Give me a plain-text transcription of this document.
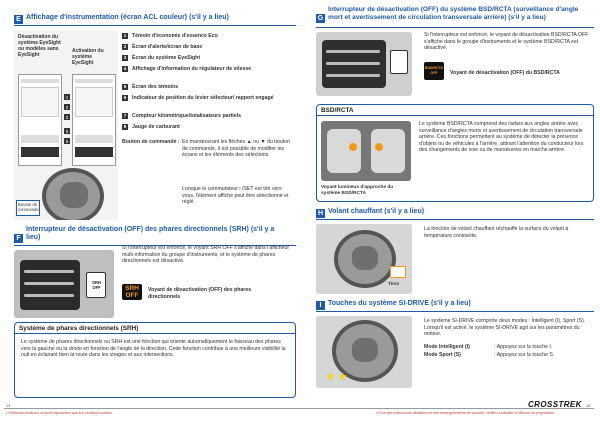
E Affichage d'instrumentation (écran ACL couleur) (s'il y a lieu)
Désactivation du système EyeSight ou modèles sans EyeSight
Activation du système EyeSight
1
2
3
5
6
Bouton de commande
1	Témoin d'économie d'essence Eco
2	Écran d'alerte/écran de base
3	Écran du système EyeSight
4	Affichage d'information du régulateur de vitesse
5	Écran des témoins
6	Indicateur de position du levier sélecteur/ rapport engagé
7	Compteur kilométrique/totalisateurs partiels
8	Jauge de carburant
Bouton de commande : En manœuvrant les flèches ▲ ou ▼ du bouton de commande, il est possible de modifier les écrans et les éléments des sélections.
Lorsque le commutateur i /SET est tiré vers vous, l'élément affiché peut être sélectionné et réglé.
F
Interrupteur de désactivation (OFF) des phares directionnels (SRH) (s'il y a lieu)
SRH OFF
Si l'interrupteur est enfoncé, le voyant SRH OFF s'affiche dans l'afficheur multi-information du groupe d'instruments, et le système de phares directionnels est désactivé.
SRH
OFF
Voyant de désactivation (OFF) des phares directionnels
Système de phares directionnels (SRH)
Le système de phares directionnels ou SRH est une fonction qui oriente automatiquement le faisceau des phares vers la gauche ou la droite en fonction de l'angle de la direction. Cette fonction contribue à une meilleure visibilité la nuit en éclairant bien la route dans les virages et aux intersections.
14
• Certaines fonctions ne sont disponibles que sur certains modèles.
G
Interrupteur de désactivation (OFF) du système BSD/RCTA (surveillance d'angle mort et avertissement de circulation transversale arrière) (s'il y a lieu)
Si l'interrupteur est enfoncé, le voyant de désactivation BSD/RCTA OFF s'affiche dans le groupe d'instruments et le système BSD/RCTA est désactivé.
BSD/RCTA OFF	Voyant de désactivation (OFF) du BSD/RCTA
BSD/RCTA
Voyant lumineux d'approche du système BSD/RCTA
Le système BSD/RCTA comprend des radars aux angles arrière avec surveillance d'angles morts et avertissement de circulation transversale arrière. Ces fonctions permettent au système de détecter la présence d'objets ou de véhicules à l'arrière, attirant l'attention du conducteur lors des changements de voie ou de manœuvres en marche arrière.
H Volant chauffant (s'il y a lieu)
Tirez
La fonction de volant chauffant réchauffe la surface du volant à température constante.
I Touches du système SI-DRIVE (s'il y a lieu)
Le système SI-DRIVE comporte deux modes : Intelligent (I), Sport (S). Lorsqu'il est activé, le système SI-DRIVE agit sur les paramètres du moteur.
Mode Intelligent (I)	: Appuyez sur la touche I.
Mode Sport (S)	: Appuyez sur la touche S.
15
• Pour des instructions détaillées et des renseignements de sécurité, veuillez consulter le Manuel du propriétaire.
CROSSTREK
